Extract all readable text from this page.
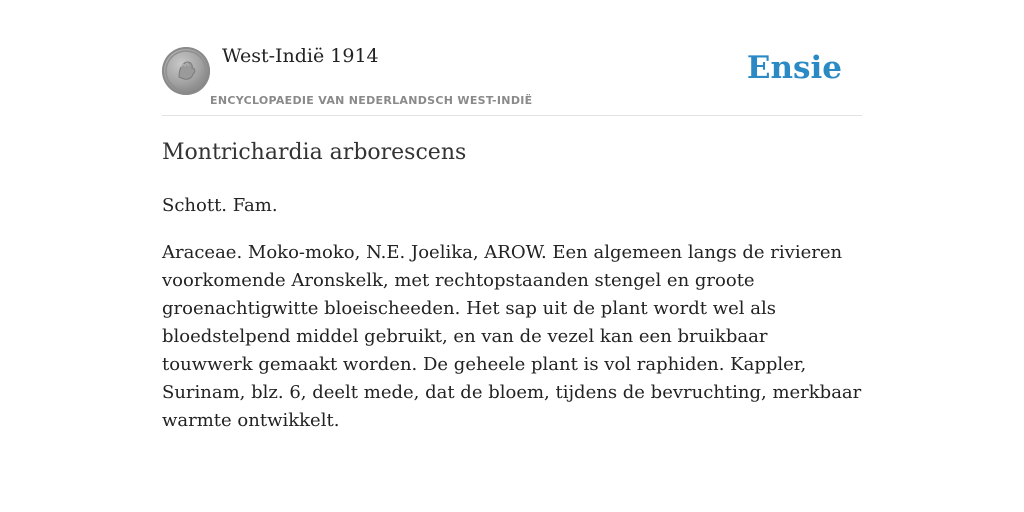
West-Indië 1914
ENCYCLOPAEDIE VAN NEDERLANDSCH WEST-INDIË
Ensie
Montrichardia arborescens

Schott. Fam.

Araceae. Moko-moko, N.E. Joelika, AROW. Een algemeen langs de rivieren voorkomende Aronskelk, met rechtopstaanden stengel en groote groenachtigwitte bloeischeeden. Het sap uit de plant wordt wel als bloedstelpend middel gebruikt, en van de vezel kan een bruikbaar touwwerk gemaakt worden. De geheele plant is vol raphiden. Kappler, Surinam, blz. 6, deelt mede, dat de bloem, tijdens de bevruchting, merkbaar warmte ontwikkelt.
